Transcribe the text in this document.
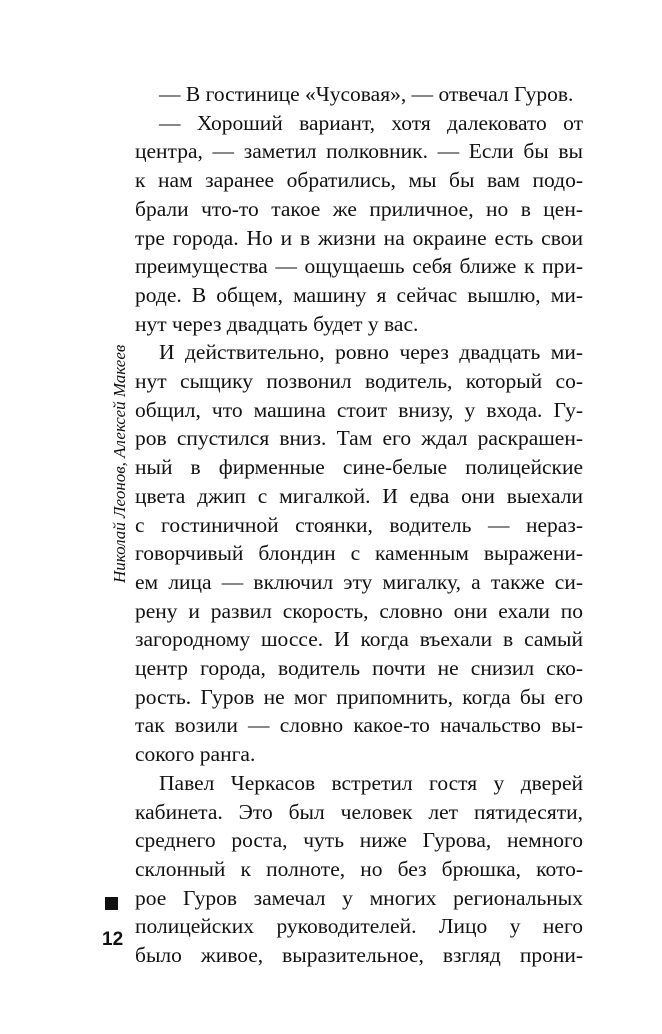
— В гостинице «Чусовая», — отвечал Гуров.

— Хороший вариант, хотя далековато от
центра, — заметил полковник. — Если бы вы
к нам заранее обратились, мы бы вам подо-
брали что-то такое же приличное, но в цен-
тре города. Но и в жизни на окраине есть свои
преимущества — ощущаешь себя ближе к при-
роде. В общем, машину я сейчас вышлю, ми-
нут через двадцать будет у вас.

И действительно, ровно через двадцать ми-
нут сыщику позвонил водитель, который со-
общил, что машина стоит внизу, у входа. Гу-
ров спустился вниз. Там его ждал раскрашен-
ный в фирменные сине-белые полицейские
цвета джип с мигалкой. И едва они выехали
с гостиничной стоянки, водитель — нераз-
говорчивый блондин с каменным выражени-
ем лица — включил эту мигалку, а также си-
рену и развил скорость, словно они ехали по
загородному шоссе. И когда въехали в самый
центр города, водитель почти не снизил ско-
рость. Гуров не мог припомнить, когда бы его
так возили — словно какое-то начальство вы-
сокого ранга.

Павел Черкасов встретил гостя у дверей
кабинета. Это был человек лет пятидесяти,
среднего роста, чуть ниже Гурова, немного
склонный к полноте, но без брюшка, кото-
рое Гуров замечал у многих региональных
полицейских руководителей. Лицо у него
было живое, выразительное, взгляд прони-

Николай Леонов, Алексей Макеев
12
